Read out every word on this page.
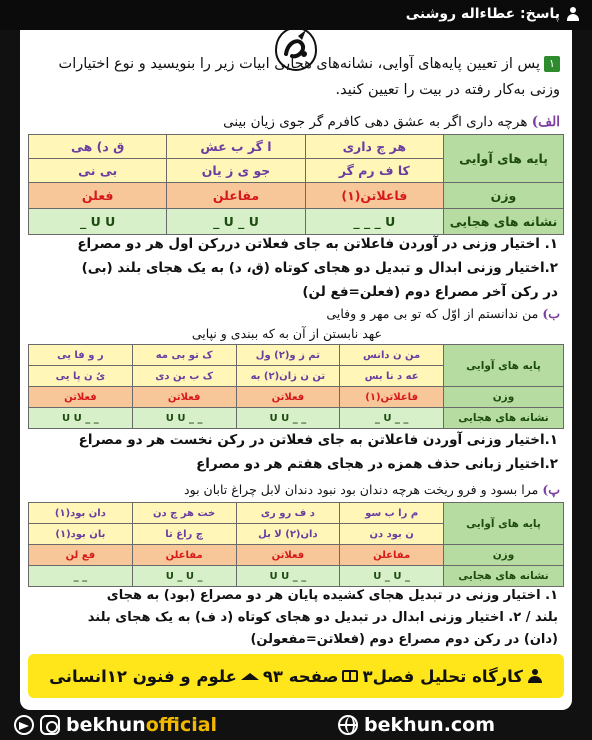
پاسخ: عطاءاله روشنی
۱پس از تعیین پایه‌های آوایی، نشانه‌های هجایی ابیات زیر را بنویسید و نوع اختیارات
وزنی به‌کار رفته در بیت را تعیین کنید.
الف) هرچه داری اگر به عشق دهی کافرم گر جوی زیان بینی
پایه های آوایی	هر چ داری	ا گر ب عش	ق د) هی
	کا ف رم گر	جو ی ز یان	بی نی
وزن	فاعلاتن(۱)	مفاعلن	فعلن
نشانه های هجایی	U _ _ _	U _ U _	U U _
۱. اختیار وزنی در آوردن فاعلاتن به جای فعلاتن دررکن اول هر دو مصراع
۲.اختیار وزنی ابدال و تبدیل دو هجای کوتاه (ق، د) به یک هجای بلند (بی)
در رکن آخر مصراع دوم (فعلن=فع لن)
ب) من ندانستم از اوّل که تو بی مهر و وفایی
عهد نابستن از آن به که ببندی و نپایی
پایه های آوایی	من ن دانس	تم ز و(۲) ول	ک تو بی مه	ر و فا یی
	عه د نا بس	تن ن زان(۲) به	ک ب بن دی	یُ ن پا یی
وزن	فاعلاتن(۱)	فعلاتن	فعلاتن	فعلاتن
نشانه های هجایی	_ _ U _	_ _ U U	_ _ U U	_ _ U U
۱.اختیار وزنی آوردن فاعلاتن به جای فعلاتن در رکن نخست هر دو مصراع
۲.اختیار زبانی حذف همزه در هجای هفتم هر دو مصراع
پ) مرا بسود و فرو ریخت هرچه دندان بود نبود دندان لابل چراغ تابان بود
پایه های آوایی	م را ب سو	د ف رو ری	خت هر چ دن	دان بود(۱)
	ن بود دن	دان(۲) لا بل	چ راغ تا	بان بود(۱)
وزن	مفاعلن	فعلاتن	مفاعلن	فع لن
نشانه های هجایی	_ U _ U	_ _ U U	_ U _ U	_ _
۱. اختیار وزنی در تبدیل هجای کشیده پایان هر دو مصراع (بود) به هجای
بلند / ۲. اختیار وزنی ابدال در تبدیل دو هجای کوتاه (د ف) به یک هجای بلند
(دان) در رکن دوم مصراع دوم (فعلاتن=مفعولن)
کارگاه تحلیل فصل۳
صفحه ۹۳
علوم و فنون ۱۲انسانی
bekhunofficial	bekhun.com
